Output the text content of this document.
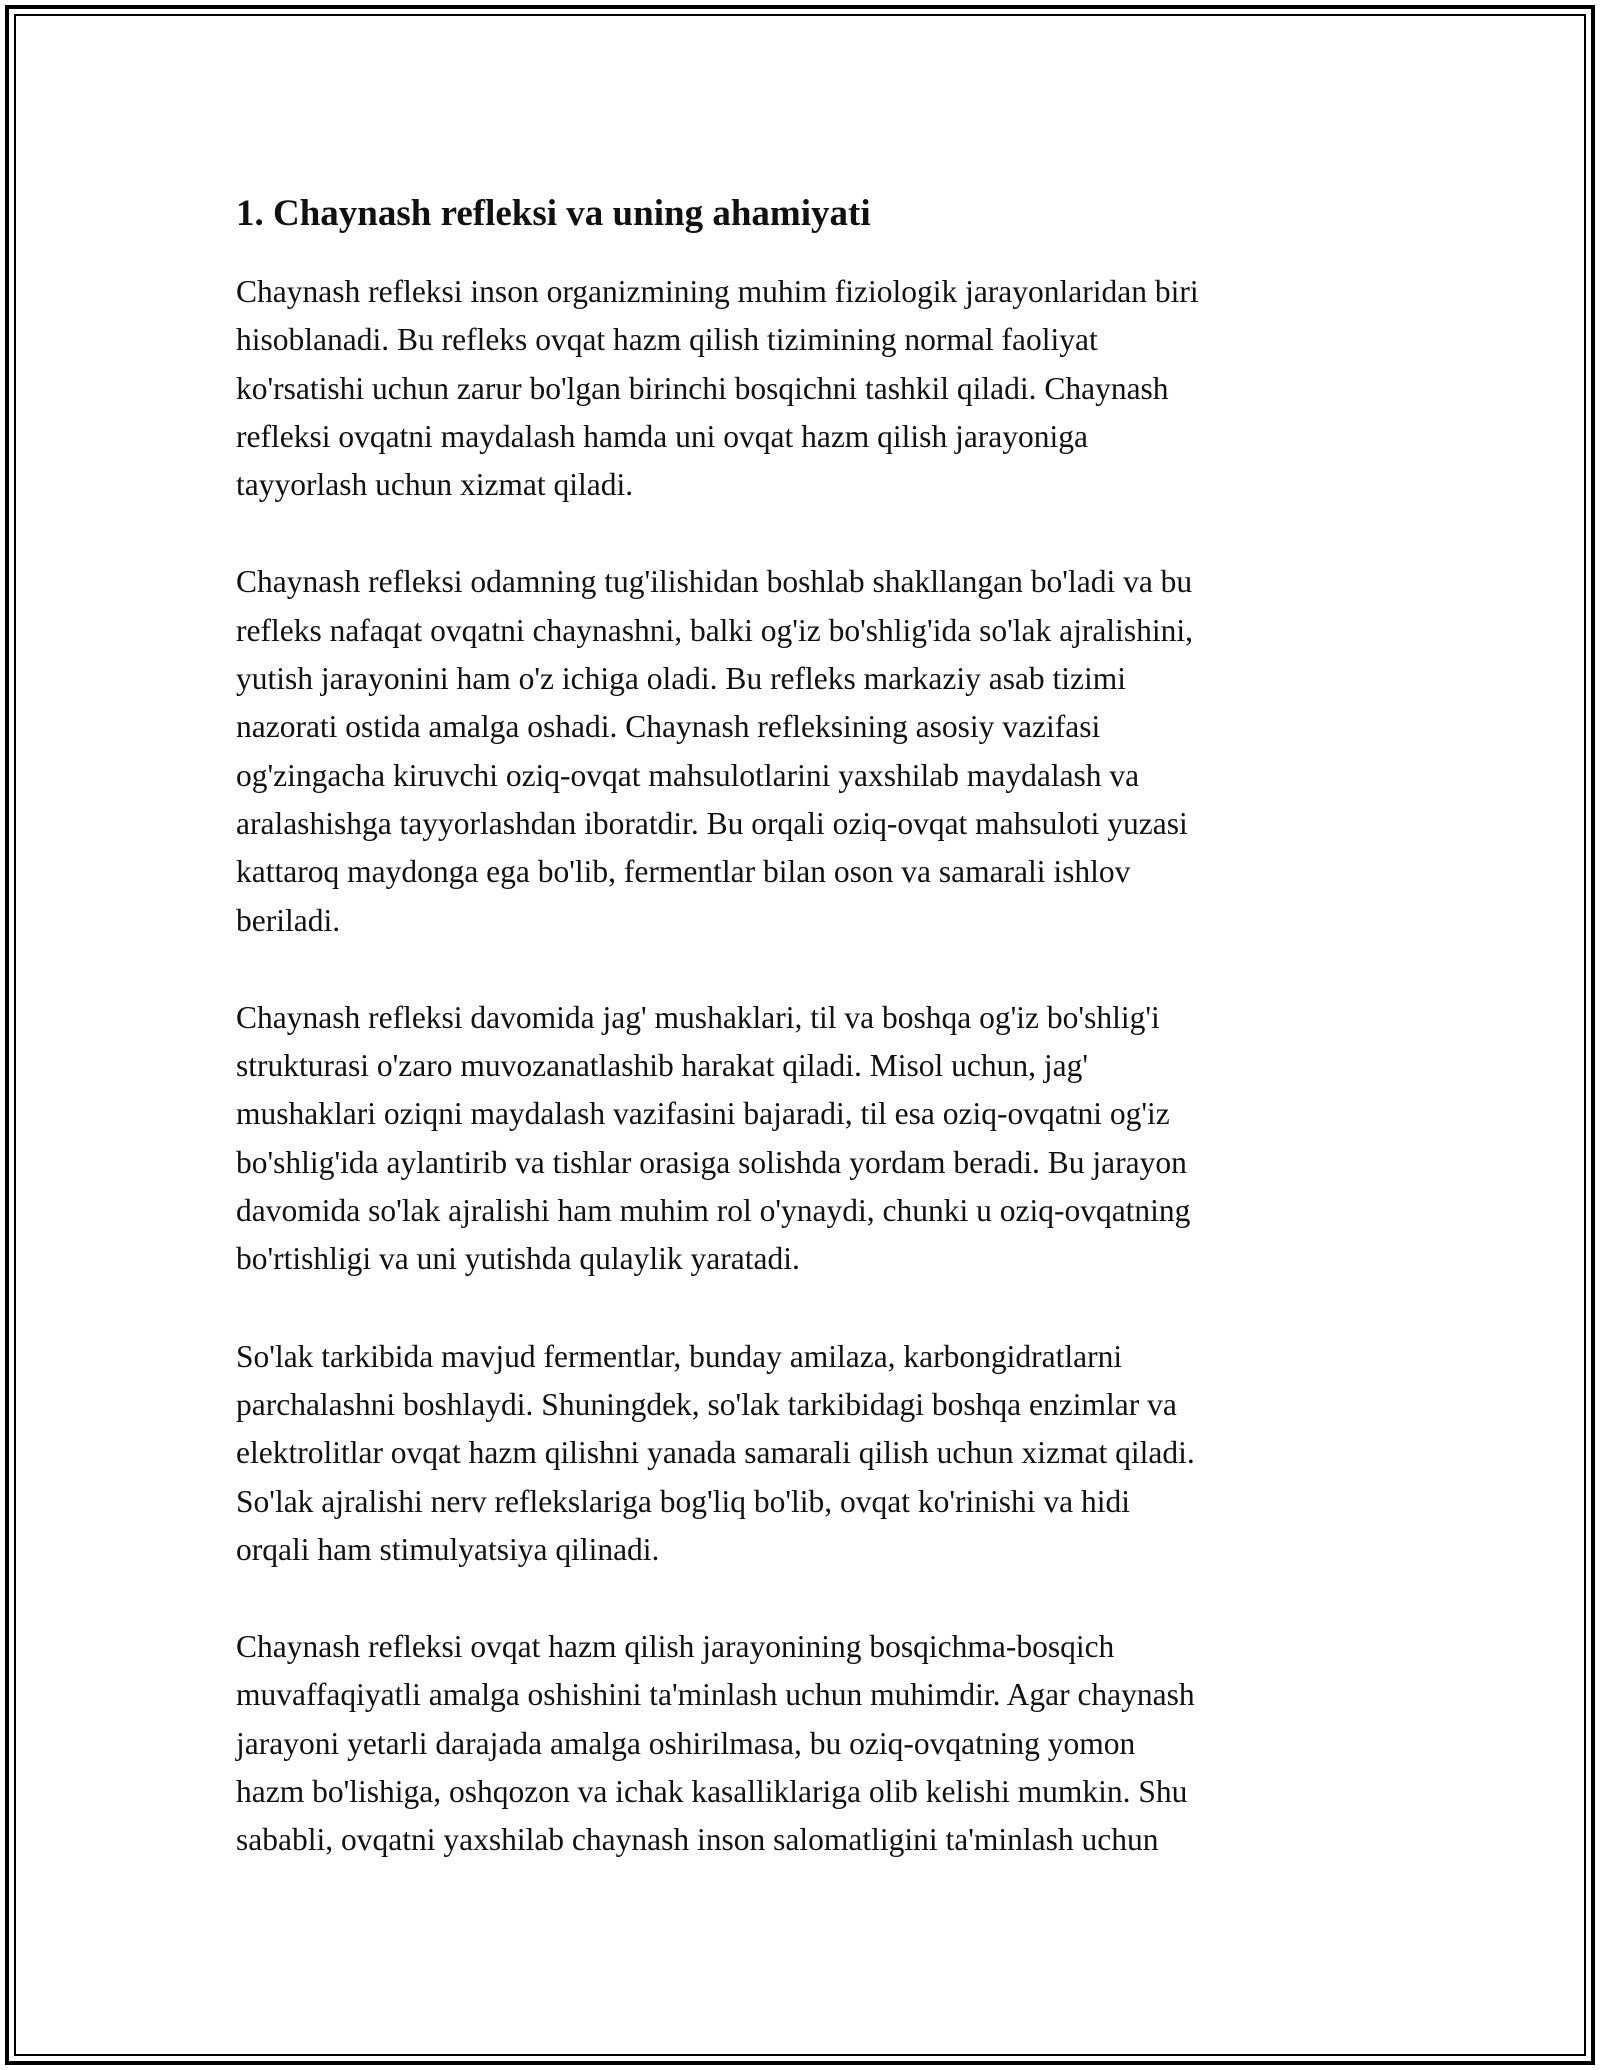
1. Chaynash refleksi va uning ahamiyati

Chaynash refleksi inson organizmining muhim fiziologik jarayonlaridan biri
hisoblanadi. Bu refleks ovqat hazm qilish tizimining normal faoliyat
ko'rsatishi uchun zarur bo'lgan birinchi bosqichni tashkil qiladi. Chaynash
refleksi ovqatni maydalash hamda uni ovqat hazm qilish jarayoniga
tayyorlash uchun xizmat qiladi.

Chaynash refleksi odamning tug'ilishidan boshlab shakllangan bo'ladi va bu
refleks nafaqat ovqatni chaynashni, balki og'iz bo'shlig'ida so'lak ajralishini,
yutish jarayonini ham o'z ichiga oladi. Bu refleks markaziy asab tizimi
nazorati ostida amalga oshadi. Chaynash refleksining asosiy vazifasi
og'zingacha kiruvchi oziq-ovqat mahsulotlarini yaxshilab maydalash va
aralashishga tayyorlashdan iboratdir. Bu orqali oziq-ovqat mahsuloti yuzasi
kattaroq maydonga ega bo'lib, fermentlar bilan oson va samarali ishlov
beriladi.

Chaynash refleksi davomida jag' mushaklari, til va boshqa og'iz bo'shlig'i
strukturasi o'zaro muvozanatlashib harakat qiladi. Misol uchun, jag'
mushaklari oziqni maydalash vazifasini bajaradi, til esa oziq-ovqatni og'iz
bo'shlig'ida aylantirib va tishlar orasiga solishda yordam beradi. Bu jarayon
davomida so'lak ajralishi ham muhim rol o'ynaydi, chunki u oziq-ovqatning
bo'rtishligi va uni yutishda qulaylik yaratadi.

So'lak tarkibida mavjud fermentlar, bunday amilaza, karbongidratlarni
parchalashni boshlaydi. Shuningdek, so'lak tarkibidagi boshqa enzimlar va
elektrolitlar ovqat hazm qilishni yanada samarali qilish uchun xizmat qiladi.
So'lak ajralishi nerv reflekslariga bog'liq bo'lib, ovqat ko'rinishi va hidi
orqali ham stimulyatsiya qilinadi.

Chaynash refleksi ovqat hazm qilish jarayonining bosqichma-bosqich
muvaffaqiyatli amalga oshishini ta'minlash uchun muhimdir. Agar chaynash
jarayoni yetarli darajada amalga oshirilmasa, bu oziq-ovqatning yomon
hazm bo'lishiga, oshqozon va ichak kasalliklariga olib kelishi mumkin. Shu
sababli, ovqatni yaxshilab chaynash inson salomatligini ta'minlash uchun
